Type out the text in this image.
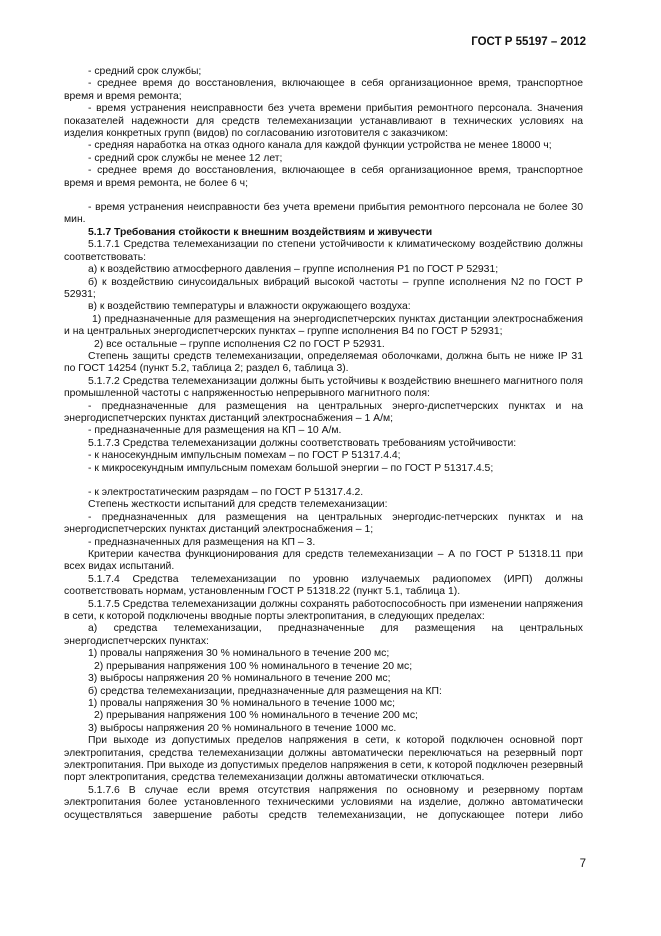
ГОСТ Р 55197 – 2012

- средний срок службы;

- среднее время до восстановления, включающее в себя организационное время, транспортное время и время ремонта;

- время устранения неисправности без учета времени прибытия ремонтного персонала. Значения показателей надежности для средств телемеханизации устанавливают в технических условиях на изделия конкретных групп (видов) по согласованию изготовителя с заказчиком:

- средняя наработка на отказ одного канала для каждой функции устройства не менее 18000 ч;

- средний срок службы не менее 12 лет;

- среднее время до восстановления, включающее в себя организационное время, транспортное время и время ремонта, не более 6 ч;

- время устранения неисправности без учета времени прибытия ремонтного персонала не более 30 мин.

5.1.7 Требования стойкости к внешним воздействиям и живучести

5.1.7.1 Средства телемеханизации по степени устойчивости к климатическому воздействию должны соответствовать:

а) к воздействию атмосферного давления – группе исполнения Р1 по ГОСТ Р 52931;

б) к воздействию синусоидальных вибраций высокой частоты – группе исполнения N2 по ГОСТ Р 52931;

в) к воздействию температуры и влажности окружающего воздуха:

1) предназначенные для размещения на энергодиспетчерских пунктах дистанции электроснабжения и на центральных энергодиспетчерских пунктах – группе исполнения В4 по ГОСТ Р 52931;

2) все остальные – группе исполнения С2 по ГОСТ Р 52931.

Степень защиты средств телемеханизации, определяемая оболочками, должна быть не ниже IP 31 по ГОСТ 14254 (пункт 5.2, таблица 2; раздел 6, таблица 3).

5.1.7.2 Средства телемеханизации должны быть устойчивы к воздействию внешнего магнитного поля промышленной частоты с напряженностью непрерывного магнитного поля:

- предназначенные для размещения на центральных энерго-диспетчерских пунктах и на энергодиспетчерских пунктах дистанций электроснабжения – 1 А/м;

- предназначенные для размещения на КП – 10 А/м.

5.1.7.3 Средства телемеханизации должны соответствовать требованиям устойчивости:

- к наносекундным импульсным помехам – по ГОСТ Р 51317.4.4;

- к микросекундным импульсным помехам большой энергии – по ГОСТ Р 51317.4.5;

- к электростатическим разрядам – по ГОСТ Р 51317.4.2.

Степень жесткости испытаний для средств телемеханизации:

- предназначенных для размещения на центральных энергодис-петчерских пунктах и на энергодиспетчерских пунктах дистанций электроснабжения – 1;

- предназначенных для размещения на КП – 3.

Критерии качества функционирования для средств телемеханизации – А по ГОСТ Р 51318.11 при всех видах испытаний.

5.1.7.4 Средства телемеханизации по уровню излучаемых радиопомех (ИРП) должны соответствовать нормам, установленным ГОСТ Р 51318.22 (пункт 5.1, таблица 1).

5.1.7.5 Средства телемеханизации должны сохранять работоспособность при изменении напряжения в сети, к которой подключены вводные порты электропитания, в следующих пределах:

а) средства телемеханизации, предназначенные для размещения на центральных энергодиспетчерских пунктах:

1) провалы напряжения 30 % номинального в течение 200 мс;

2) прерывания напряжения 100 % номинального в течение 20 мс;

3) выбросы напряжения 20 % номинального в течение 200 мс;

б) средства телемеханизации, предназначенные для размещения на КП:

1) провалы напряжения 30 % номинального в течение 1000 мс;

2) прерывания напряжения 100 % номинального в течение 200 мс;

3) выбросы напряжения 20 % номинального в течение 1000 мс.

При выходе из допустимых пределов напряжения в сети, к которой подключен основной порт электропитания, средства телемеханизации должны автоматически переключаться на резервный порт электропитания. При выходе из допустимых пределов напряжения в сети, к которой подключен резервный порт электропитания, средства телемеханизации должны автоматически отключаться.

5.1.7.6 В случае если время отсутствия напряжения по основному и резервному портам электропитания более установленного техническими условиями на изделие, должно автоматически осуществляться завершение работы средств телемеханизации, не допускающее потери либо

7
